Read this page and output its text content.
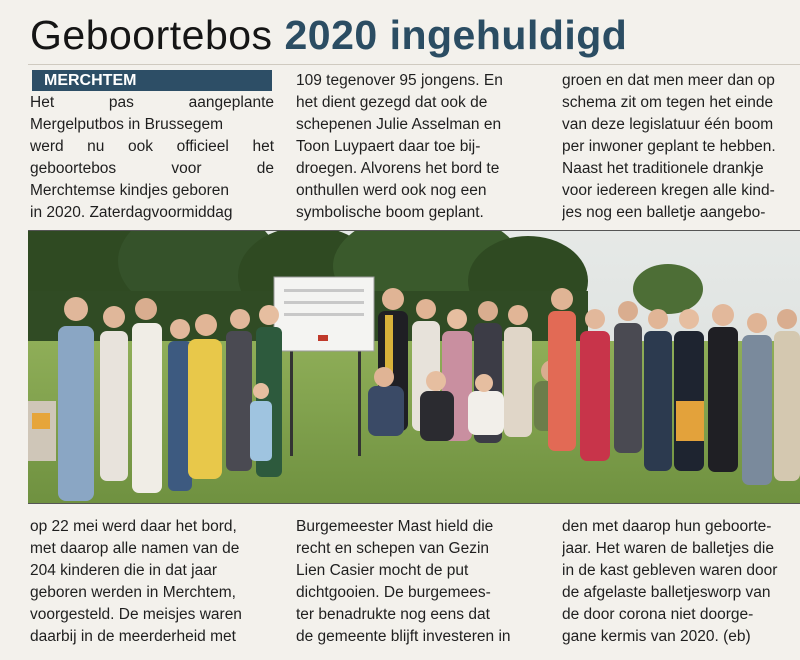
Geboortebos 2020 ingehuldigd
MERCHTEM
Het pas aangeplante
Mergelputbos in Brussegem
werd nu ook officieel het
geboortebos voor de
Merchtemse kindjes geboren
in 2020. Zaterdagvoormiddag
109 tegenover 95 jongens. En
het dient gezegd dat ook de
schepenen Julie Asselman en
Toon Luypaert daar toe bij-
droegen. Alvorens het bord te
onthullen werd ook nog een
symbolische boom geplant.
groen en dat men meer dan op
schema zit om tegen het einde
van deze legislatuur één boom
per inwoner geplant te hebben.
Naast het traditionele drankje
voor iedereen kregen alle kind-
jes nog een balletje aangebo-
op 22 mei werd daar het bord,
met daarop alle namen van de
204 kinderen die in dat jaar
geboren werden in Merchtem,
voorgesteld. De meisjes waren
daarbij in de meerderheid met
Burgemeester Mast hield die
recht en schepen van Gezin
Lien Casier mocht de put
dichtgooien. De burgemees-
ter benadrukte nog eens dat
de gemeente blijft investeren in
den met daarop hun geboorte-
jaar. Het waren de balletjes die
in de kast gebleven waren door
de afgelaste balletjesworp van
de door corona niet doorge-
gane kermis van 2020. (eb)
